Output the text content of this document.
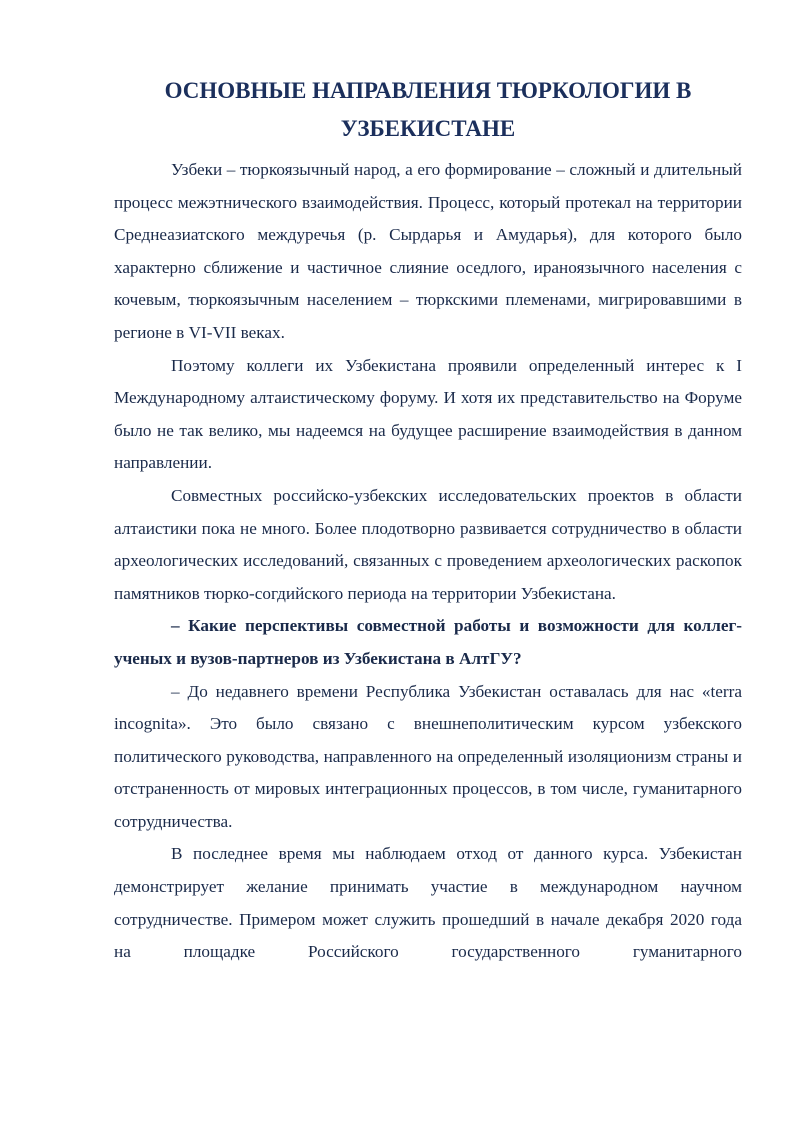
ОСНОВНЫЕ НАПРАВЛЕНИЯ ТЮРКОЛОГИИ В
УЗБЕКИСТАНЕ

Узбеки – тюркоязычный народ, а его формирование – сложный и длительный процесс межэтнического взаимодействия. Процесс, который протекал на территории Среднеазиатского междуречья (р. Сырдарья и Амударья), для которого было характерно сближение и частичное слияние оседлого, ираноязычного населения с кочевым, тюркоязычным населением – тюркскими племенами, мигрировавшими в регионе в VI-VII веках.

Поэтому коллеги их Узбекистана проявили определенный интерес к I Международному алтаистическому форуму. И хотя их представительство на Форуме было не так велико, мы надеемся на будущее расширение взаимодействия в данном направлении.

Совместных российско-узбекских исследовательских проектов в области алтаистики пока не много. Более плодотворно развивается сотрудничество в области археологических исследований, связанных с проведением археологических раскопок памятников тюрко-согдийского периода на территории Узбекистана.

– Какие перспективы совместной работы и возможности для коллег-ученых и вузов-партнеров из Узбекистана в АлтГУ?

– До недавнего времени Республика Узбекистан оставалась для нас «terra incognita». Это было связано с внешнеполитическим курсом узбекского политического руководства, направленного на определенный изоляционизм страны и отстраненность от мировых интеграционных процессов, в том числе, гуманитарного сотрудничества.

В последнее время мы наблюдаем отход от данного курса. Узбекистан демонстрирует желание принимать участие в международном научном сотрудничестве. Примером может служить прошедший в начале декабря 2020 года на площадке Российского государственного гуманитарного
